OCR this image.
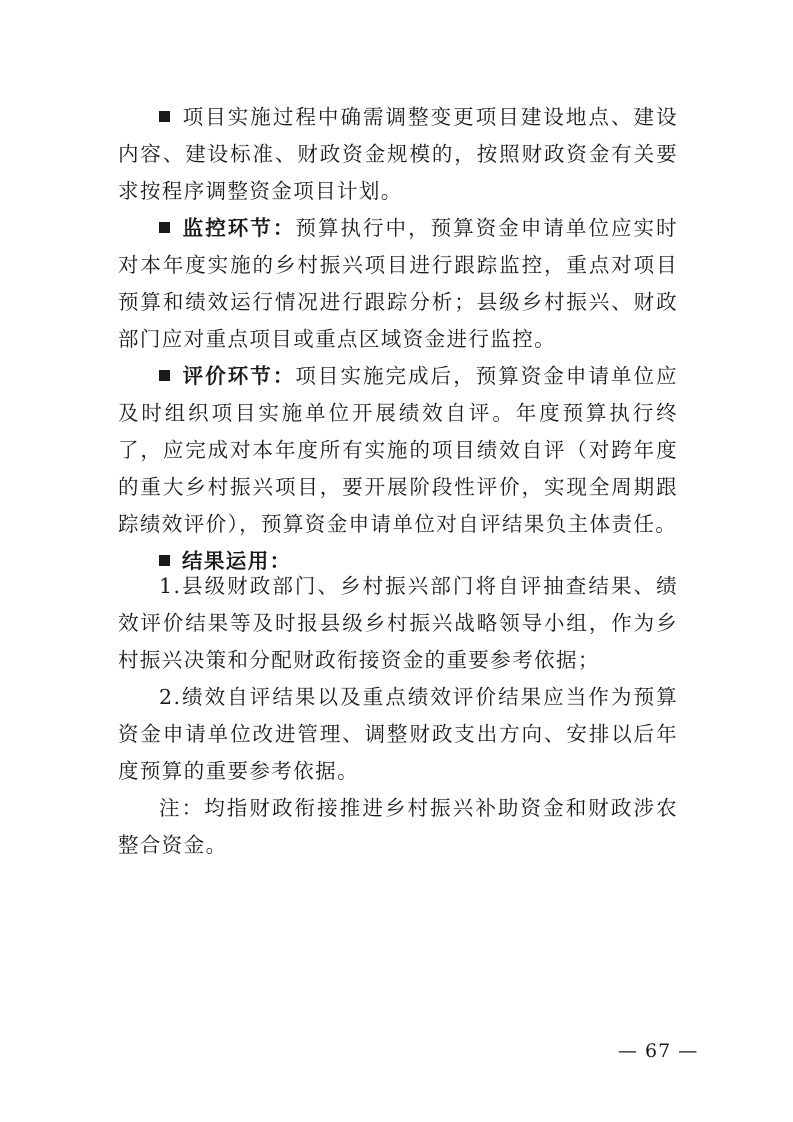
项目实施过程中确需调整变更项目建设地点、建设内容、建设标准、财政资金规模的，按照财政资金有关要求按程序调整资金项目计划。

监控环节：预算执行中，预算资金申请单位应实时对本年度实施的乡村振兴项目进行跟踪监控，重点对项目预算和绩效运行情况进行跟踪分析；县级乡村振兴、财政部门应对重点项目或重点区域资金进行监控。

评价环节：项目实施完成后，预算资金申请单位应及时组织项目实施单位开展绩效自评。年度预算执行终了，应完成对本年度所有实施的项目绩效自评（对跨年度的重大乡村振兴项目，要开展阶段性评价，实现全周期跟踪绩效评价），预算资金申请单位对自评结果负主体责任。

结果运用：

1.县级财政部门、乡村振兴部门将自评抽查结果、绩效评价结果等及时报县级乡村振兴战略领导小组，作为乡村振兴决策和分配财政衔接资金的重要参考依据；

2.绩效自评结果以及重点绩效评价结果应当作为预算资金申请单位改进管理、调整财政支出方向、安排以后年度预算的重要参考依据。

注：均指财政衔接推进乡村振兴补助资金和财政涉农整合资金。

— 67 —
